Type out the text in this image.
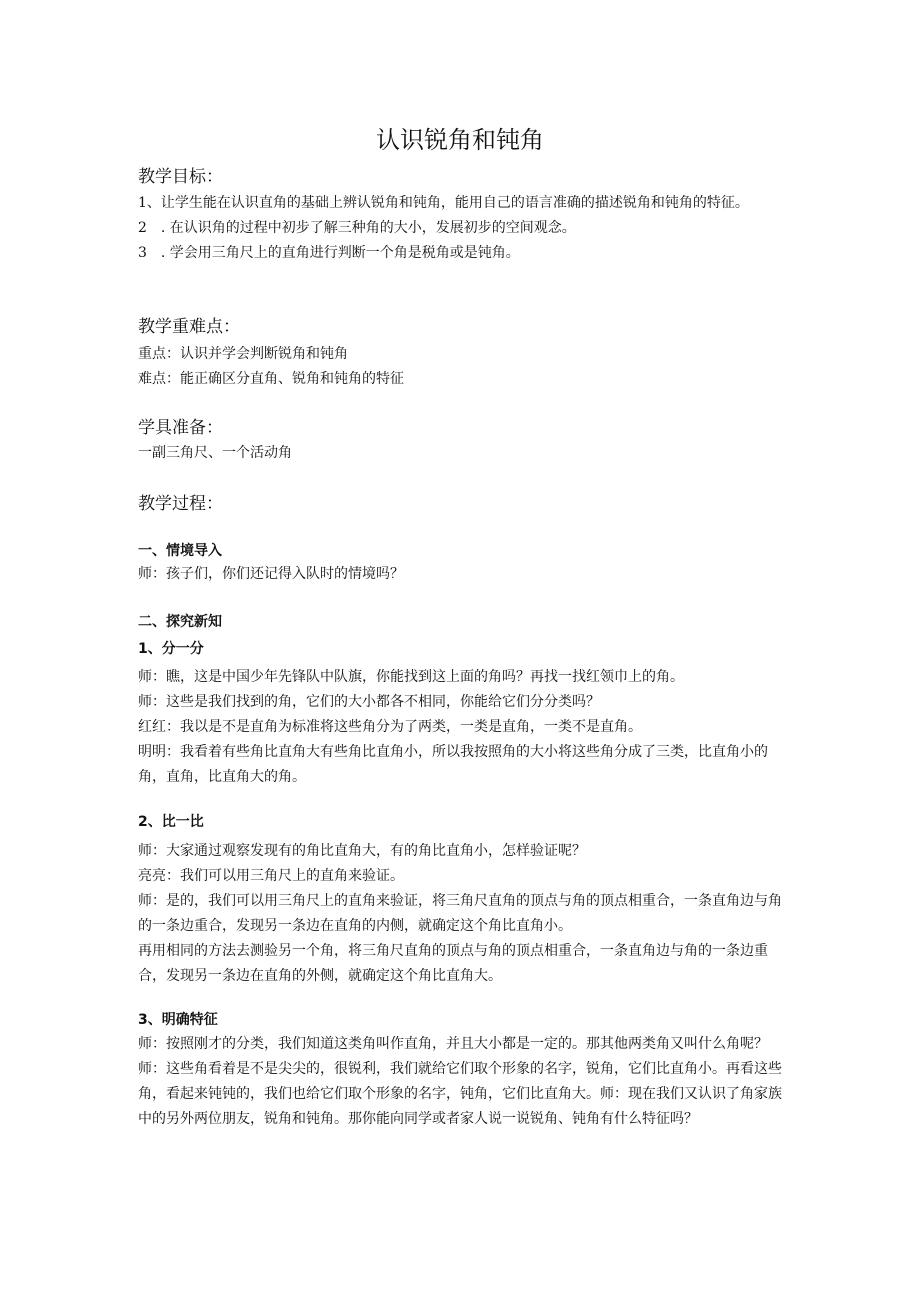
认识锐角和钝角
教学目标：

1、让学生能在认识直角的基础上辨认锐角和钝角，能用自己的语言准确的描述锐角和钝角的特征。

2　. 在认识角的过程中初步了解三种角的大小，发展初步的空间观念。

3　. 学会用三角尺上的直角进行判断一个角是税角或是钝角。

教学重难点：

重点：认识并学会判断锐角和钝角

难点：能正确区分直角、锐角和钝角的特征

学具准备：

一副三角尺、一个活动角

教学过程：
一、情境导入

师：孩子们，你们还记得入队时的情境吗？

二、探究新知
1、分一分

师：瞧，这是中国少年先锋队中队旗，你能找到这上面的角吗？再找一找红领巾上的角。

师：这些是我们找到的角，它们的大小都各不相同，你能给它们分分类吗？

红红：我以是不是直角为标准将这些角分为了两类，一类是直角，一类不是直角。

明明：我看着有些角比直角大有些角比直角小，所以我按照角的大小将这些角分成了三类，比直角小的角，直角，比直角大的角。

2、比一比

师：大家通过观察发现有的角比直角大，有的角比直角小，怎样验证呢？

亮亮：我们可以用三角尺上的直角来验证。

师：是的，我们可以用三角尺上的直角来验证，将三角尺直角的顶点与角的顶点相重合，一条直角边与角的一条边重合，发现另一条边在直角的内侧，就确定这个角比直角小。

再用相同的方法去测验另一个角，将三角尺直角的顶点与角的顶点相重合，一条直角边与角的一条边重合，发现另一条边在直角的外侧，就确定这个角比直角大。

3、明确特征

师：按照刚才的分类，我们知道这类角叫作直角，并且大小都是一定的。那其他两类角又叫什么角呢？

师：这些角看着是不是尖尖的，很锐利，我们就给它们取个形象的名字，锐角，它们比直角小。再看这些角，看起来钝钝的，我们也给它们取个形象的名字，钝角，它们比直角大。师：现在我们又认识了角家族中的另外两位朋友，锐角和钝角。那你能向同学或者家人说一说锐角、钝角有什么特征吗？
